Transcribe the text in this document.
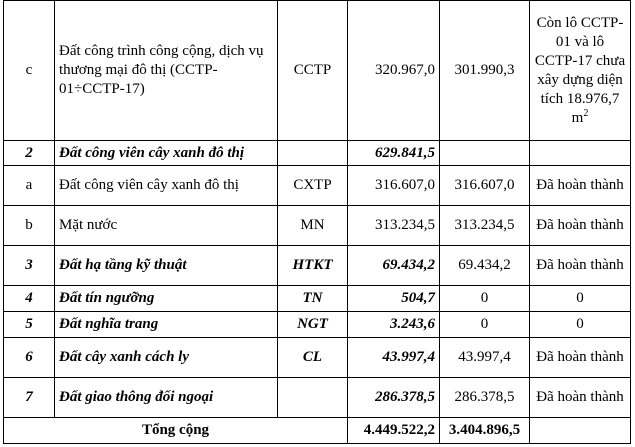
c	Đất công trình công cộng, dịch vụ thương mại đô thị (CCTP-01÷CCTP-17)	CCTP	320.967,0	301.990,3	Còn lô CCTP-01 và lô CCTP-17 chưa xây dựng diện tích 18.976,7 $m^2$
2	Đất công viên cây xanh đô thị		629.841,5		
a	Đất công viên cây xanh đô thị	CXTP	316.607,0	316.607,0	Đã hoàn thành
b	Mặt nước	MN	313.234,5	313.234,5	Đã hoàn thành
3	Đất hạ tầng kỹ thuật	HTKT	69.434,2	69.434,2	Đã hoàn thành
4	Đất tín ngưỡng	TN	504,7	0	0
5	Đất nghĩa trang	NGT	3.243,6	0	0
6	Đất cây xanh cách ly	CL	43.997,4	43.997,4	Đã hoàn thành
7	Đất giao thông đối ngoại		286.378,5	286.378,5	Đã hoàn thành
Tổng cộng			4.449.522,2	3.404.896,5	
